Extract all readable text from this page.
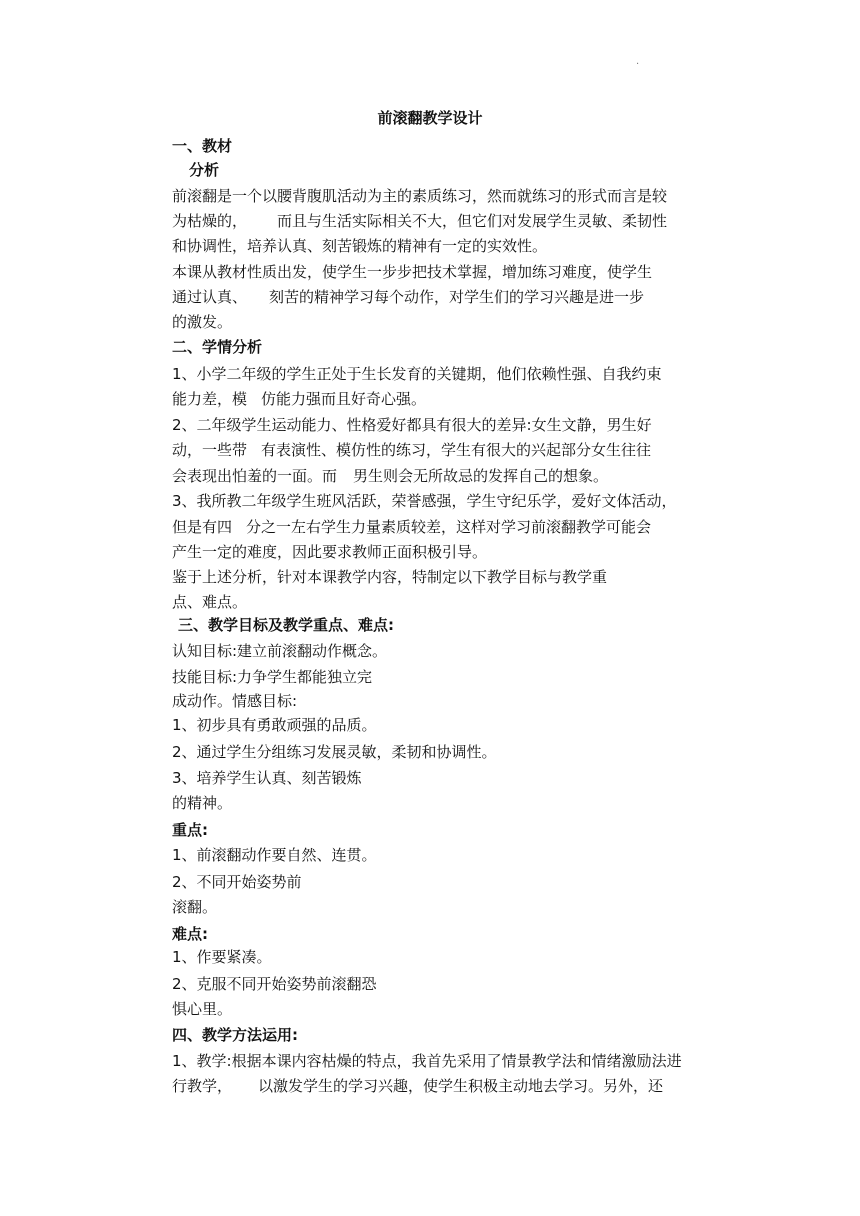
.
前滚翻教学设计

一、教材

分析

前滚翻是一个以腰背腹肌活动为主的素质练习，然而就练习的形式而言是较

为枯燥的， 而且与生活实际相关不大，但它们对发展学生灵敏、柔韧性

和协调性，培养认真、刻苦锻炼的精神有一定的实效性。

本课从教材性质出发，使学生一步步把技术掌握，增加练习难度，使学生

通过认真、 刻苦的精神学习每个动作，对学生们的学习兴趣是进一步

的激发。

二、学情分析

1、小学二年级的学生正处于生长发育的关键期，他们依赖性强、自我约束

能力差，模 仿能力强而且好奇心强。

2、二年级学生运动能力、性格爱好都具有很大的差异:女生文静，男生好

动，一些带 有表演性、模仿性的练习，学生有很大的兴起部分女生往往

会表现出怕羞的一面。而 男生则会无所故忌的发挥自己的想象。

3、我所教二年级学生班风活跃，荣誉感强，学生守纪乐学，爱好文体活动，

但是有四 分之一左右学生力量素质较差，这样对学习前滚翻教学可能会

产生一定的难度，因此要求教师正面积极引导。

鉴于上述分析，针对本课教学内容，特制定以下教学目标与教学重

点、难点。

三、教学目标及教学重点、难点:

认知目标:建立前滚翻动作概念。

技能目标:力争学生都能独立完

成动作。情感目标:

1、初步具有勇敢顽强的品质。

2、通过学生分组练习发展灵敏，柔韧和协调性。

3、培养学生认真、刻苦锻炼

的精神。

重点:

1、前滚翻动作要自然、连贯。

2、不同开始姿势前

滚翻。

难点:

1、作要紧凑。

2、克服不同开始姿势前滚翻恐

惧心里。

四、教学方法运用:

1、教学:根据本课内容枯燥的特点，我首先采用了情景教学法和情绪激励法进

行教学， 以激发学生的学习兴趣，使学生积极主动地去学习。另外，还
